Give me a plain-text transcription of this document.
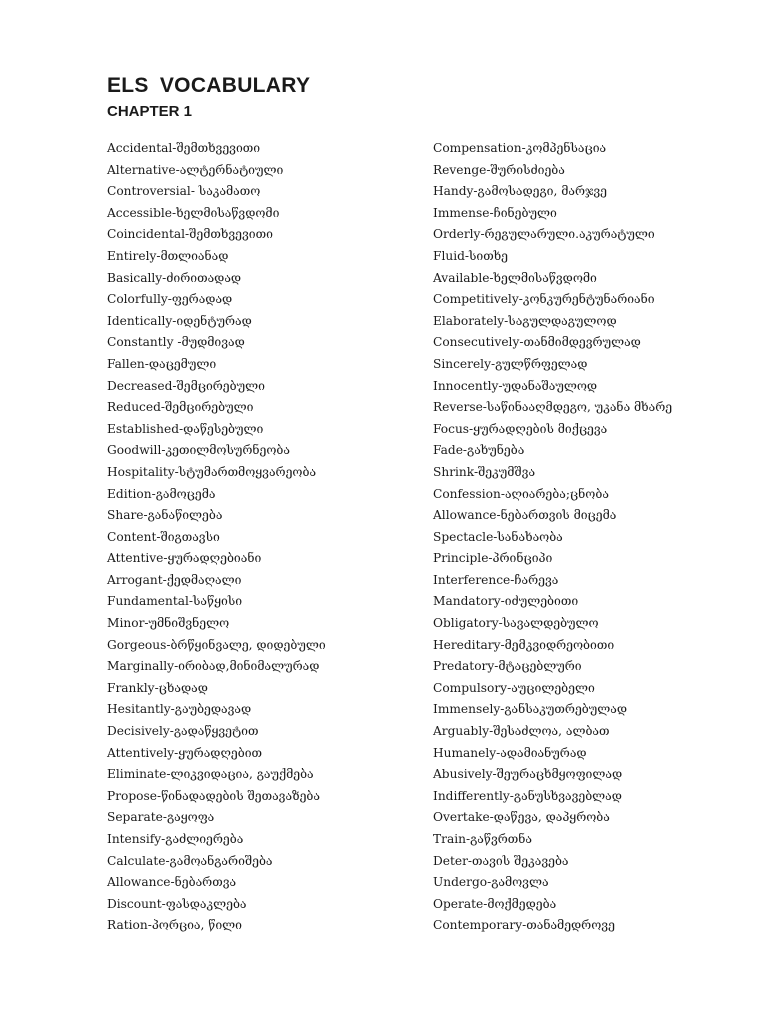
ELS VOCABULARY
CHAPTER 1
Accidental-შემთხვევითი
Alternative-ალტერნატიული
Controversial- საკამათო
Accessible-ხელმისაწვდომი
Coincidental-შემთხვევითი
Entirely-მთლიანად
Basically-ძირითადად
Colorfully-ფერადად
Identically-იდენტურად
Constantly -მუდმივად
Fallen-დაცემული
Decreased-შემცირებული
Reduced-შემცირებული
Established-დაწესებული
Goodwill-კეთილმოსურნეობა
Hospitality-სტუმართმოყვარეობა
Edition-გამოცემა
Share-განაწილება
Content-შიგთავსი
Attentive-ყურადღებიანი
Arrogant-ქედმაღალი
Fundamental-საწყისი
Minor-უმნიშვნელო
Gorgeous-ბრწყინვალე, დიდებული
Marginally-ირიბად,მინიმალურად
Frankly-ცხადად
Hesitantly-გაუბედავად
Decisively-გადაწყვეტით
Attentively-ყურადღებით
Eliminate-ლიკვიდაცია, გაუქმება
Propose-წინადადების შეთავაზება
Separate-გაყოფა
Intensify-გაძლიერება
Calculate-გამოანგარიშება
Allowance-ნებართვა
Discount-ფასდაკლება
Ration-პორცია, წილი
Compensation-კომპენსაცია
Revenge-შურისძიება
Handy-გამოსადეგი, მარჯვე
Immense-ჩინებული
Orderly-რეგულარული.აკურატული
Fluid-სითხე
Available-ხელმისაწვდომი
Competitively-კონკურენტუნარიანი
Elaborately-საგულდაგულოდ
Consecutively-თანმიმდევრულად
Sincerely-გულწრფელად
Innocently-უდანაშაულოდ
Reverse-საწინააღმდეგო, უკანა მხარე
Focus-ყურადღების მიქცევა
Fade-გახუნება
Shrink-შეკუმშვა
Confession-აღიარება;ცნობა
Allowance-ნებართვის მიცემა
Spectacle-სანახაობა
Principle-პრინციპი
Interference-ჩარევა
Mandatory-იძულებითი
Obligatory-სავალდებულო
Hereditary-მემკვიდრეობითი
Predatory-მტაცებლური
Compulsory-აუცილებელი
Immensely-განსაკუთრებულად
Arguably-შესაძლოა, ალბათ
Humanely-ადამიანურად
Abusively-შეურაცხმყოფილად
Indifferently-განუსხვავებლად
Overtake-დაწევა, დაპყრობა
Train-გაწვრთნა
Deter-თავის შეკავება
Undergo-გამოვლა
Operate-მოქმედება
Contemporary-თანამედროვე
